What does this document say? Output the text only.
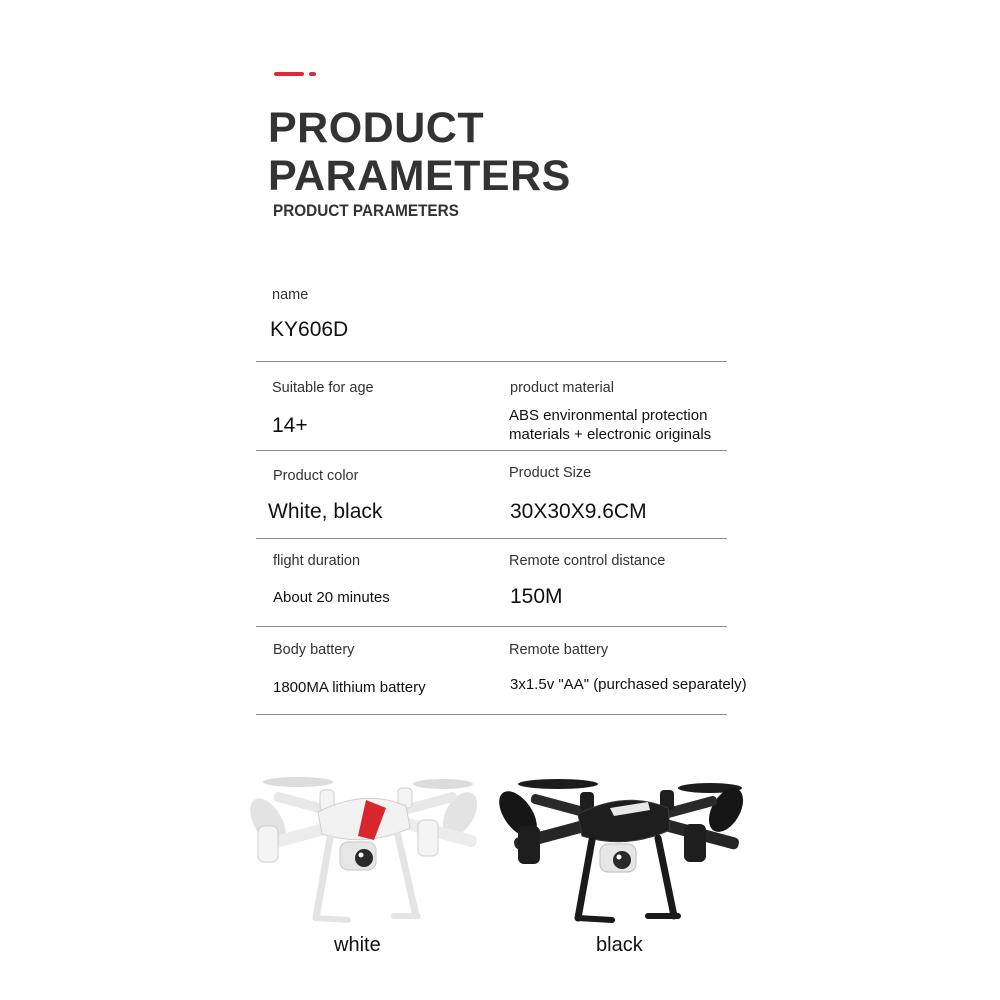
PRODUCT
PARAMETERS
PRODUCT PARAMETERS
name
KY606D
Suitable for age
14+
product material
ABS environmental protection
materials + electronic originals
Product color
White, black
Product Size
30X30X9.6CM
flight duration
About 20 minutes
Remote control distance
150M
Body battery
1800MA lithium battery
Remote battery
3x1.5v "AA" (purchased separately)
white	black
